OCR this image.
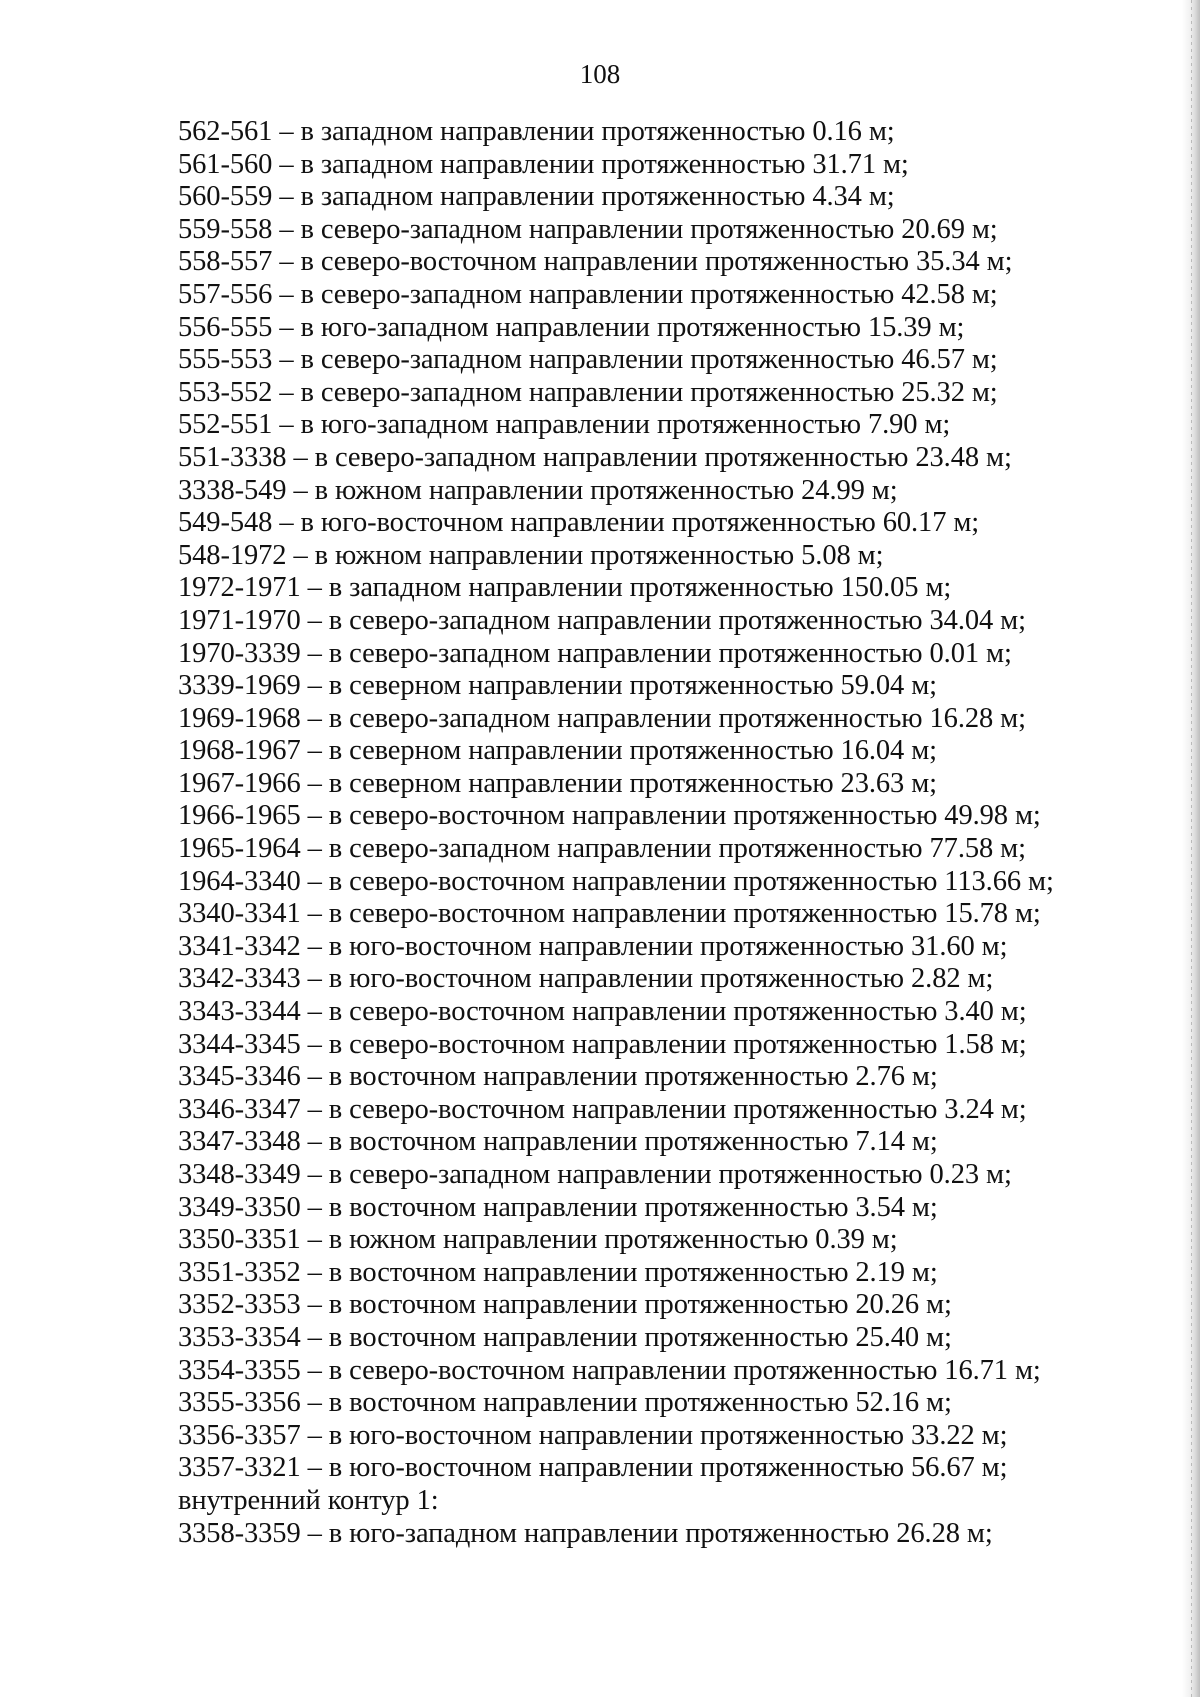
108
562-561 – в западном направлении протяженностью 0.16 м;
561-560 – в западном направлении протяженностью 31.71 м;
560-559 – в западном направлении протяженностью 4.34 м;
559-558 – в северо-западном направлении протяженностью 20.69 м;
558-557 – в северо-восточном направлении протяженностью 35.34 м;
557-556 – в северо-западном направлении протяженностью 42.58 м;
556-555 – в юго-западном направлении протяженностью 15.39 м;
555-553 – в северо-западном направлении протяженностью 46.57 м;
553-552 – в северо-западном направлении протяженностью 25.32 м;
552-551 – в юго-западном направлении протяженностью 7.90 м;
551-3338 – в северо-западном направлении протяженностью 23.48 м;
3338-549 – в южном направлении протяженностью 24.99 м;
549-548 – в юго-восточном направлении протяженностью 60.17 м;
548-1972 – в южном направлении протяженностью 5.08 м;
1972-1971 – в западном направлении протяженностью 150.05 м;
1971-1970 – в северо-западном направлении протяженностью 34.04 м;
1970-3339 – в северо-западном направлении протяженностью 0.01 м;
3339-1969 – в северном направлении протяженностью 59.04 м;
1969-1968 – в северо-западном направлении протяженностью 16.28 м;
1968-1967 – в северном направлении протяженностью 16.04 м;
1967-1966 – в северном направлении протяженностью 23.63 м;
1966-1965 – в северо-восточном направлении протяженностью 49.98 м;
1965-1964 – в северо-западном направлении протяженностью 77.58 м;
1964-3340 – в северо-восточном направлении протяженностью 113.66 м;
3340-3341 – в северо-восточном направлении протяженностью 15.78 м;
3341-3342 – в юго-восточном направлении протяженностью 31.60 м;
3342-3343 – в юго-восточном направлении протяженностью 2.82 м;
3343-3344 – в северо-восточном направлении протяженностью 3.40 м;
3344-3345 – в северо-восточном направлении протяженностью 1.58 м;
3345-3346 – в восточном направлении протяженностью 2.76 м;
3346-3347 – в северо-восточном направлении протяженностью 3.24 м;
3347-3348 – в восточном направлении протяженностью 7.14 м;
3348-3349 – в северо-западном направлении протяженностью 0.23 м;
3349-3350 – в восточном направлении протяженностью 3.54 м;
3350-3351 – в южном направлении протяженностью 0.39 м;
3351-3352 – в восточном направлении протяженностью 2.19 м;
3352-3353 – в восточном направлении протяженностью 20.26 м;
3353-3354 – в восточном направлении протяженностью 25.40 м;
3354-3355 – в северо-восточном направлении протяженностью 16.71 м;
3355-3356 – в восточном направлении протяженностью 52.16 м;
3356-3357 – в юго-восточном направлении протяженностью 33.22 м;
3357-3321 – в юго-восточном направлении протяженностью 56.67 м;
внутренний контур 1:
3358-3359 – в юго-западном направлении протяженностью 26.28 м;
